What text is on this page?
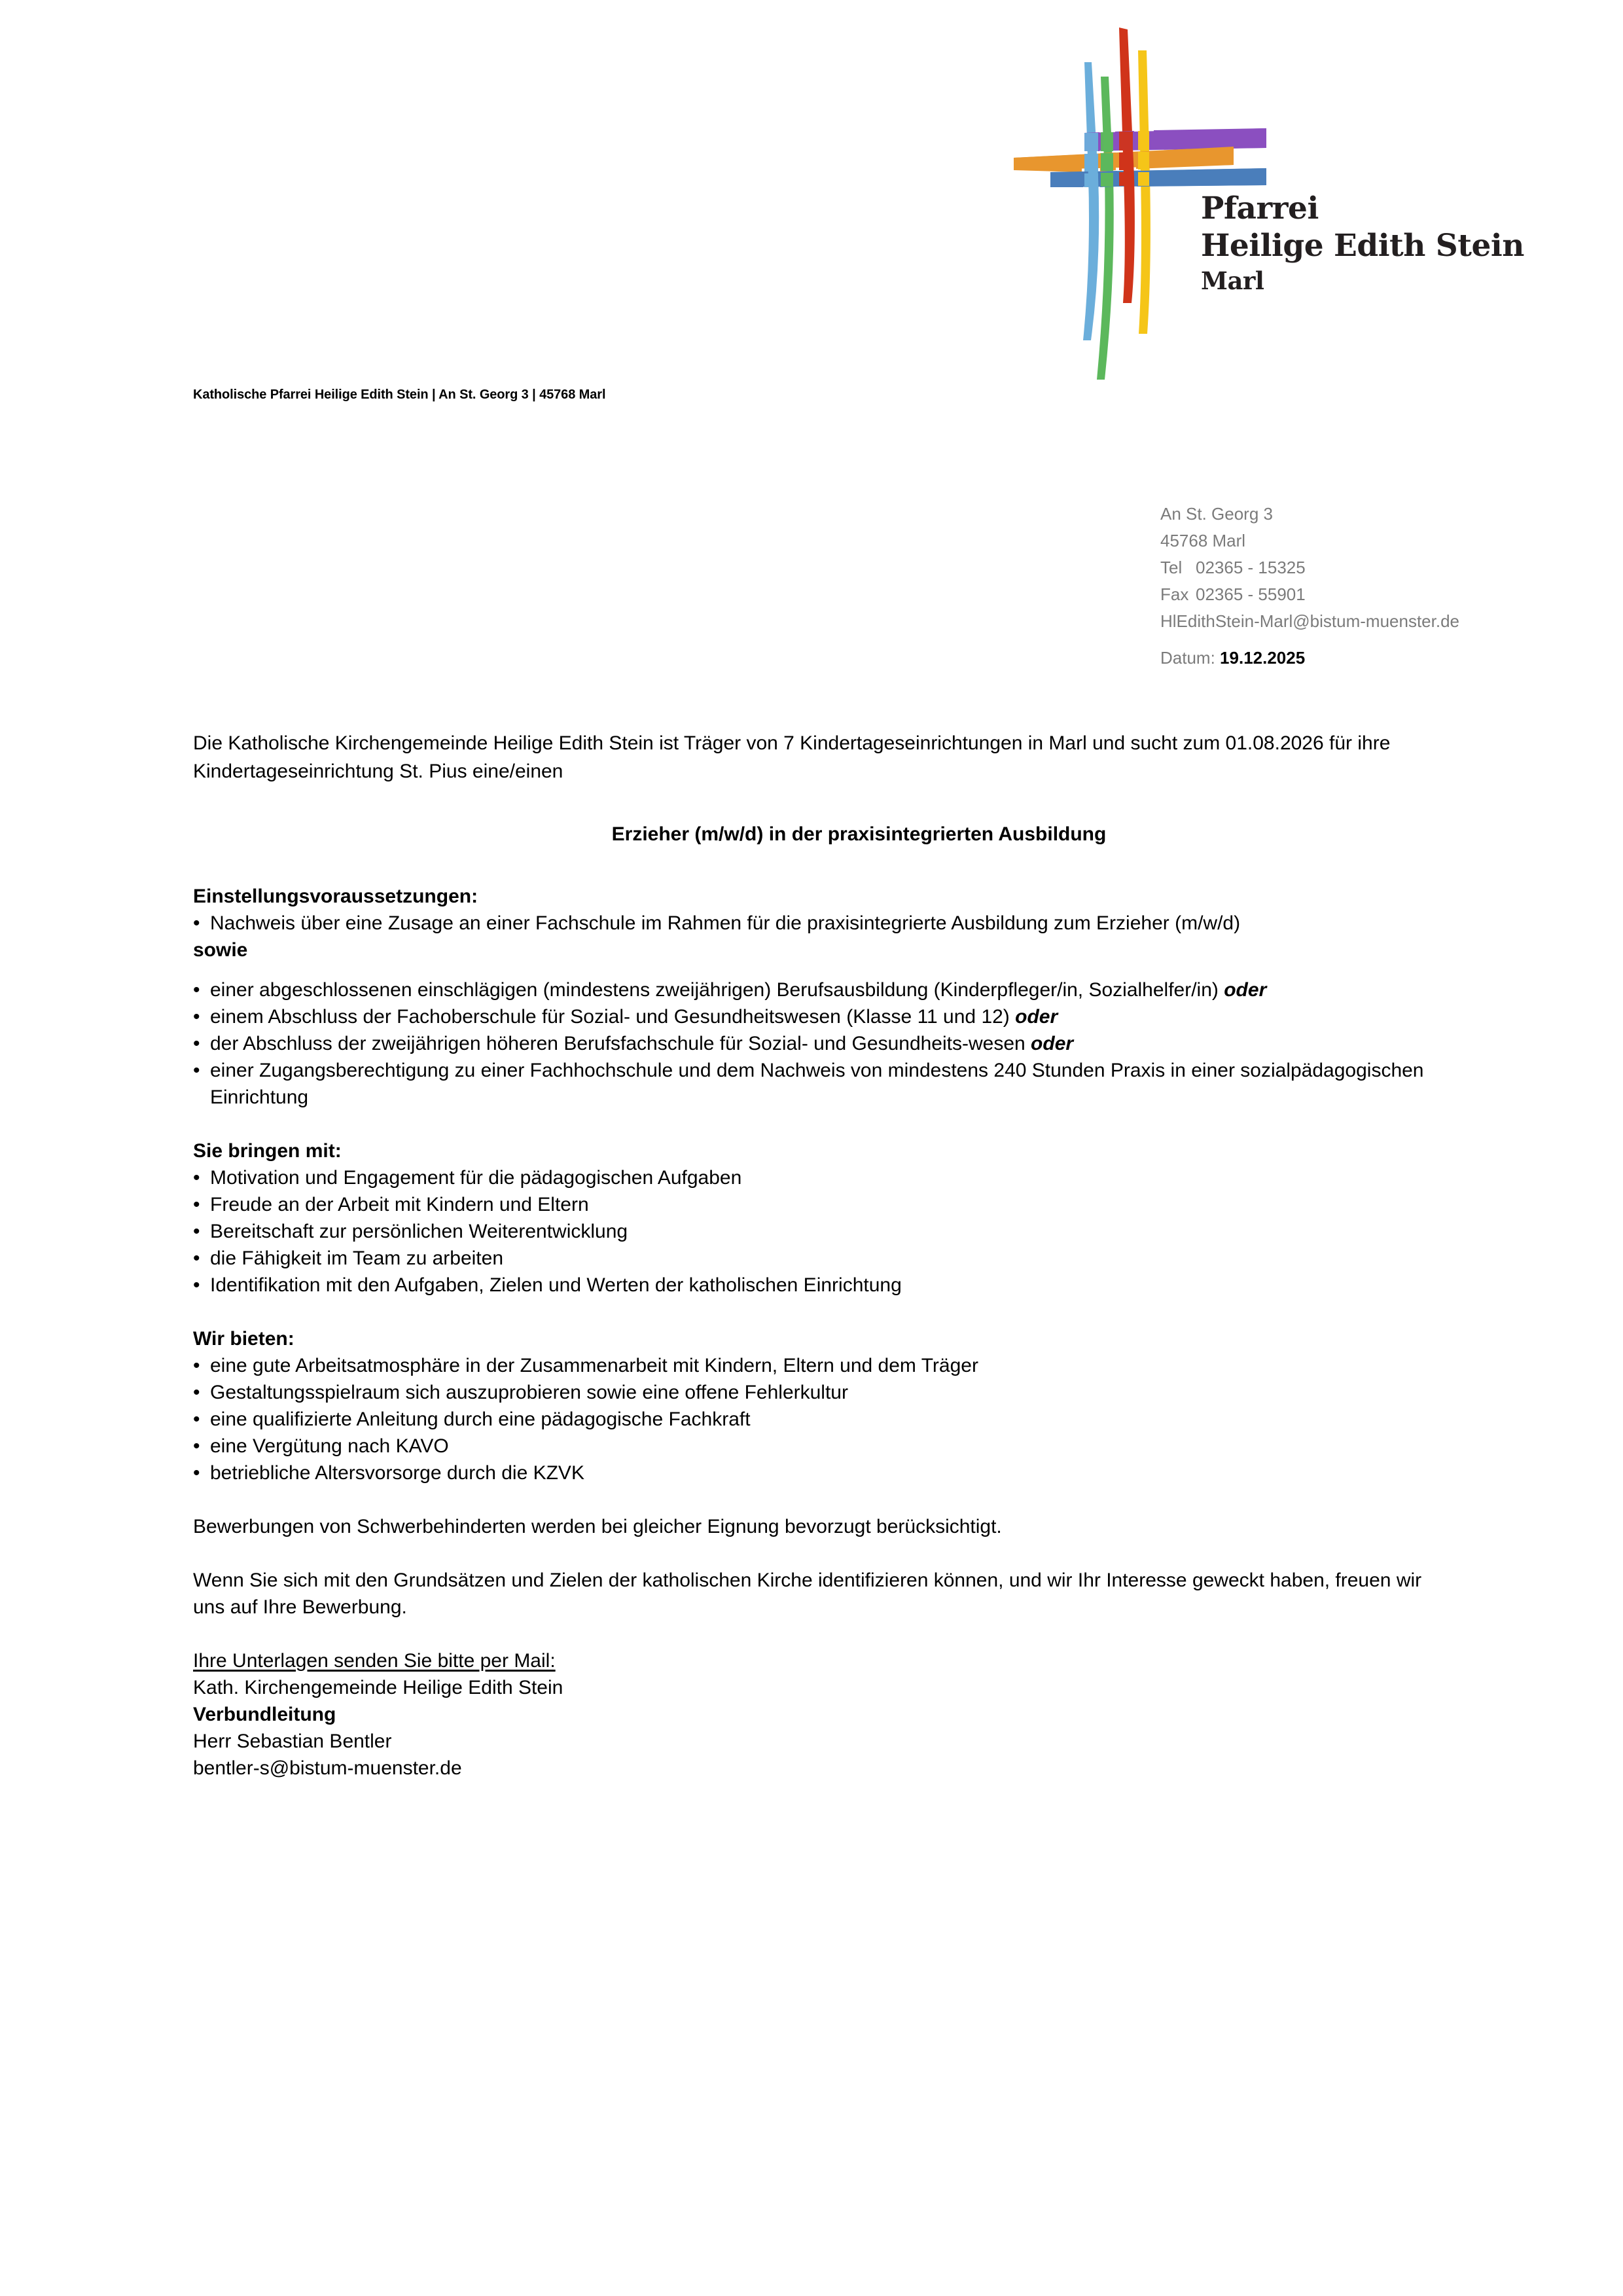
Pfarrei
Heilige Edith Stein
Marl
Katholische Pfarrei Heilige Edith Stein | An St. Georg 3 | 45768 Marl
An St. Georg 3
45768 Marl
Tel 02365 - 15325
Fax 02365 - 55901
HlEdithStein-Marl@bistum-muenster.de
Datum: 19.12.2025

Die Katholische Kirchengemeinde Heilige Edith Stein ist Träger von 7 Kindertageseinrichtungen in Marl und sucht zum 01.08.2026 für ihre Kindertageseinrichtung St. Pius eine/einen

Erzieher (m/w/d) in der praxisintegrierten Ausbildung

Einstellungsvoraussetzungen:

• Nachweis über eine Zusage an einer Fachschule im Rahmen für die praxisintegrierte Ausbildung zum Erzieher (m/w/d)

sowie

• einer abgeschlossenen einschlägigen (mindestens zweijährigen) Berufsausbildung (Kinderpfleger/in, Sozialhelfer/in) oder

• einem Abschluss der Fachoberschule für Sozial- und Gesundheitswesen (Klasse 11 und 12) oder

• der Abschluss der zweijährigen höheren Berufsfachschule für Sozial- und Gesundheits-wesen oder

• einer Zugangsberechtigung zu einer Fachhochschule und dem Nachweis von mindestens 240 Stunden Praxis in einer sozialpädagogischen Einrichtung

Sie bringen mit:

• Motivation und Engagement für die pädagogischen Aufgaben

• Freude an der Arbeit mit Kindern und Eltern

• Bereitschaft zur persönlichen Weiterentwicklung

• die Fähigkeit im Team zu arbeiten

• Identifikation mit den Aufgaben, Zielen und Werten der katholischen Einrichtung

Wir bieten:

• eine gute Arbeitsatmosphäre in der Zusammenarbeit mit Kindern, Eltern und dem Träger

• Gestaltungsspielraum sich auszuprobieren sowie eine offene Fehlerkultur

• eine qualifizierte Anleitung durch eine pädagogische Fachkraft

• eine Vergütung nach KAVO

• betriebliche Altersvorsorge durch die KZVK

Bewerbungen von Schwerbehinderten werden bei gleicher Eignung bevorzugt berücksichtigt.

Wenn Sie sich mit den Grundsätzen und Zielen der katholischen Kirche identifizieren können, und wir Ihr Interesse geweckt haben, freuen wir uns auf Ihre Bewerbung.

Ihre Unterlagen senden Sie bitte per Mail:

Kath. Kirchengemeinde Heilige Edith Stein

Verbundleitung

Herr Sebastian Bentler

bentler-s@bistum-muenster.de
